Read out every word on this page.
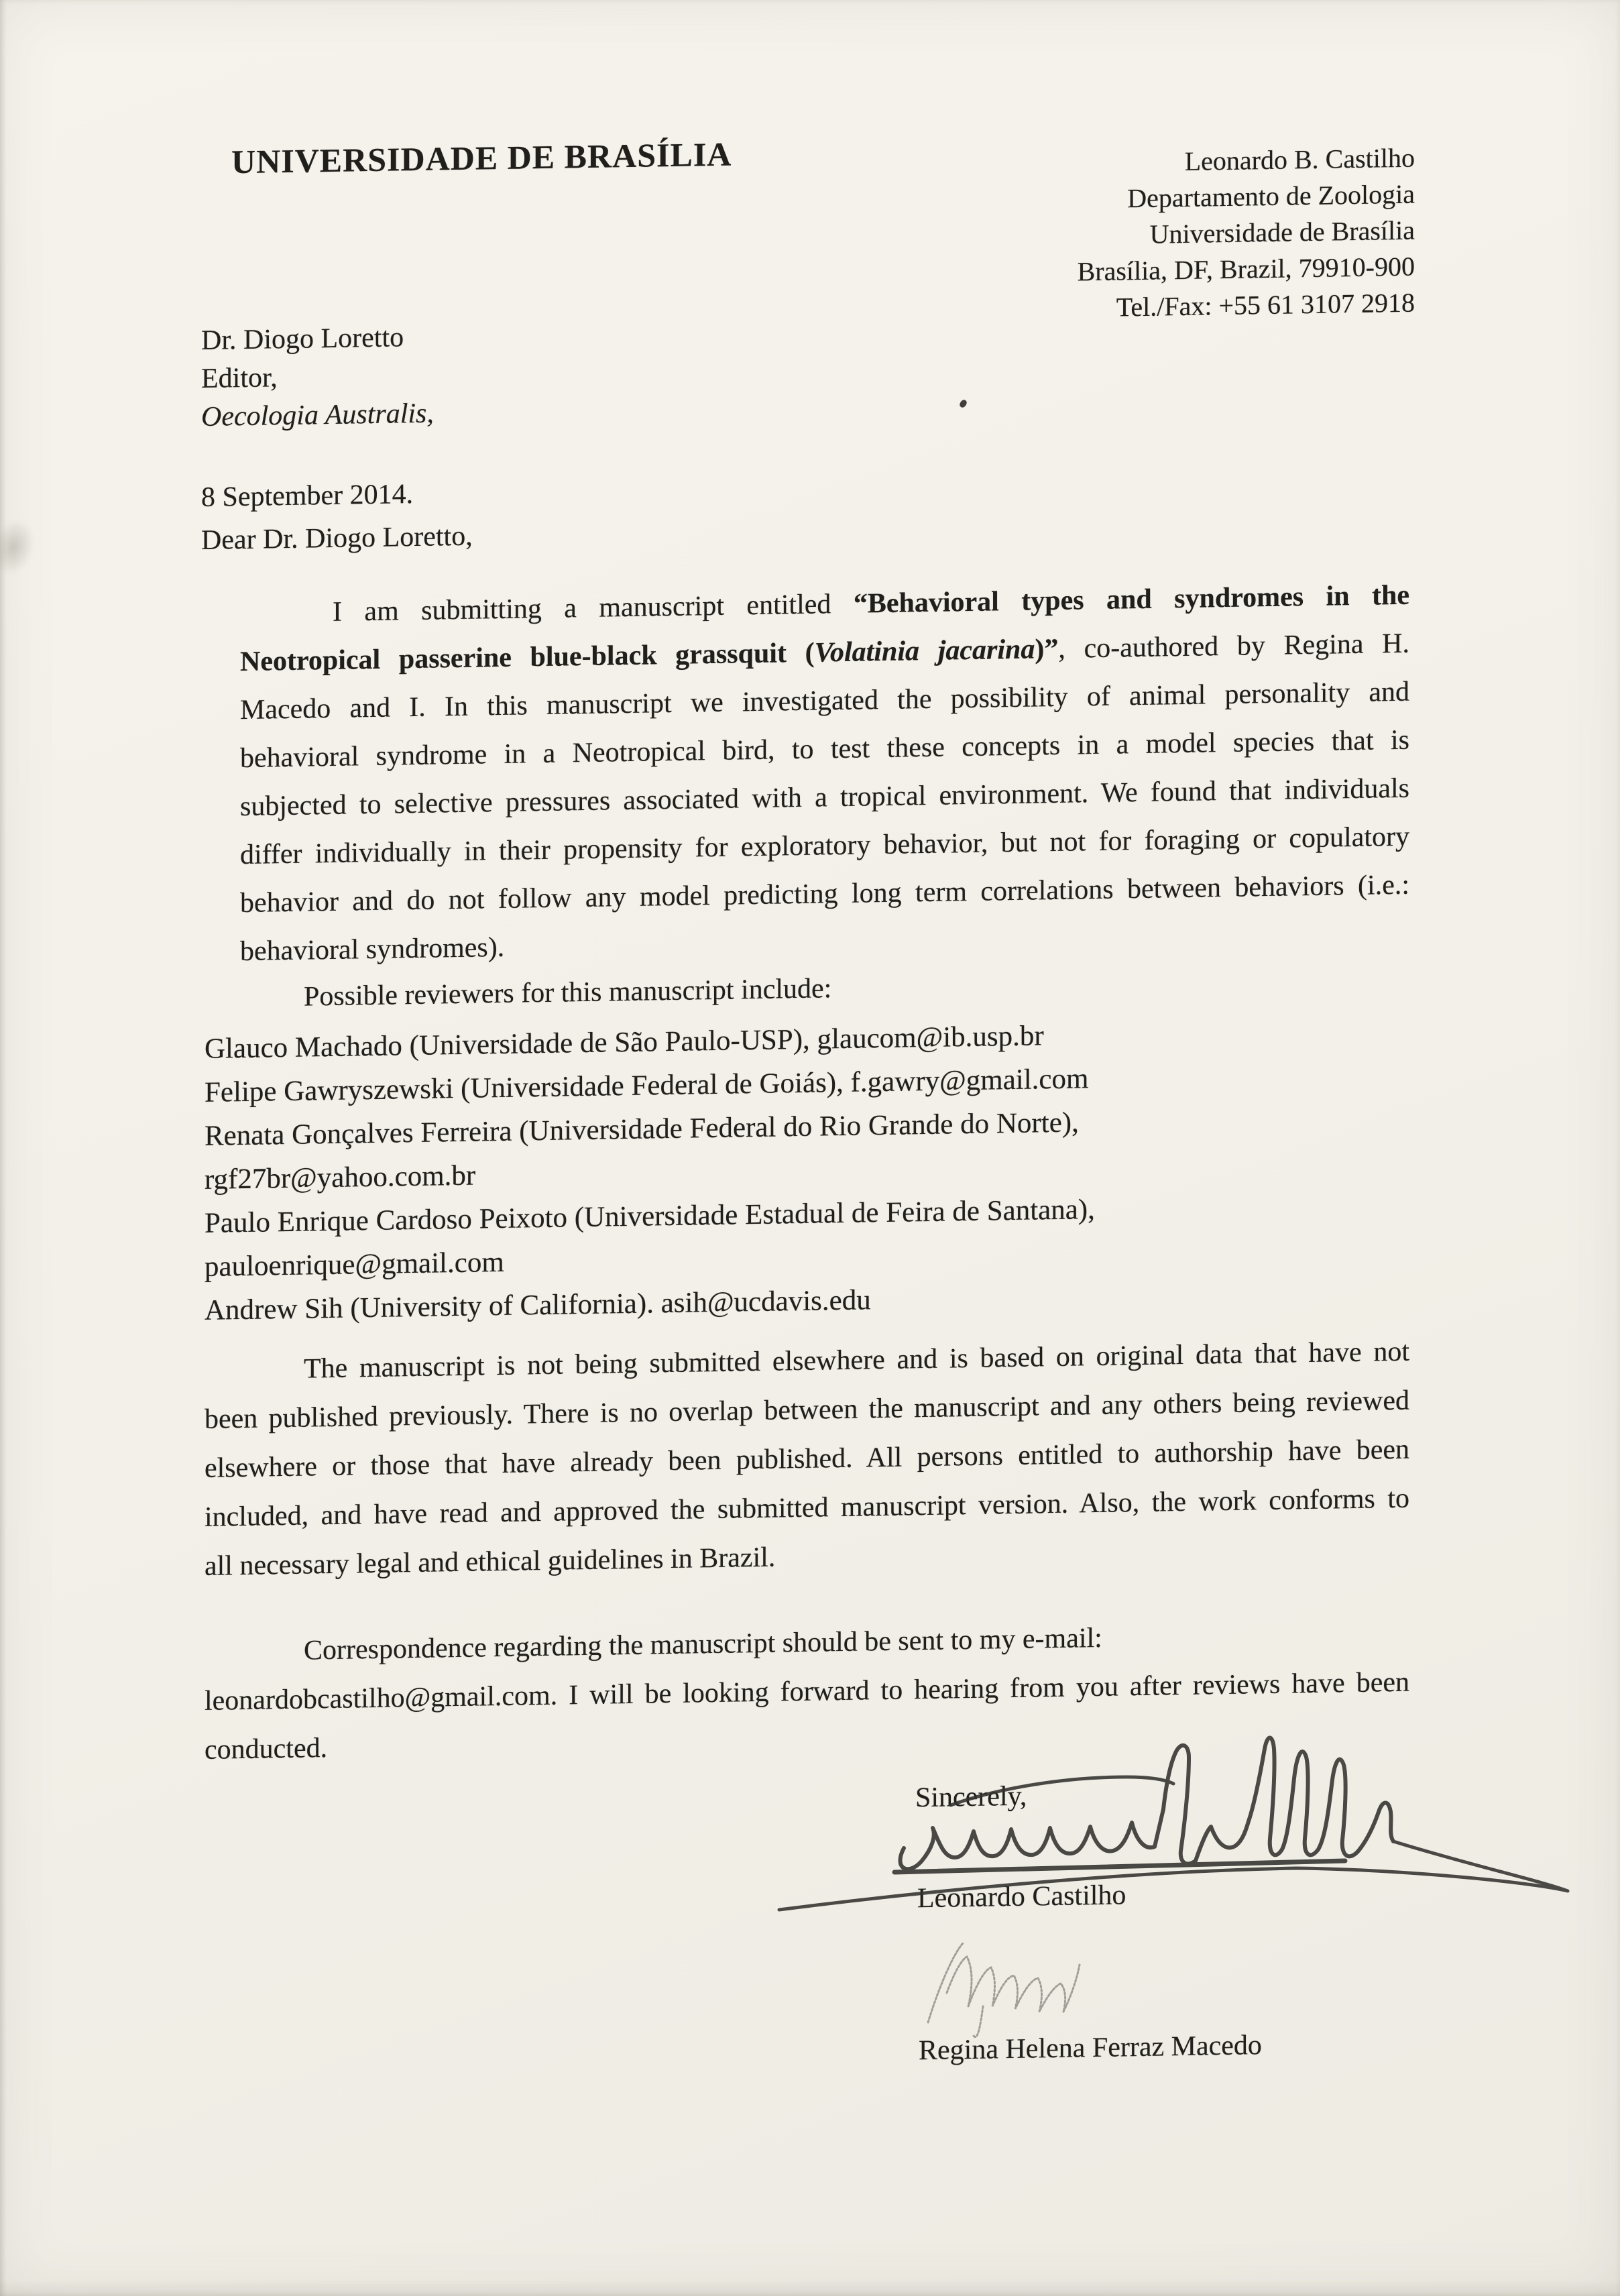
UNIVERSIDADE DE BRASÍLIA	Leonardo B. Castilho
Departamento de Zoologia
Universidade de Brasília
Brasília, DF, Brazil, 79910-900
Tel./Fax: +55 61 3107 2918
Dr. Diogo Loretto
Editor,
Oecologia Australis,
8 September 2014.
Dear Dr. Diogo Loretto,
I am submitting a manuscript entitled “Behavioral types and syndromes in the
Neotropical passerine blue-black grassquit (Volatinia jacarina)”, co-authored by Regina H.
Macedo and I. In this manuscript we investigated the possibility of animal personality and
behavioral syndrome in a Neotropical bird, to test these concepts in a model species that is
subjected to selective pressures associated with a tropical environment. We found that individuals
differ individually in their propensity for exploratory behavior, but not for foraging or copulatory
behavior and do not follow any model predicting long term correlations between behaviors (i.e.:
behavioral syndromes).
Possible reviewers for this manuscript include:
Glauco Machado (Universidade de São Paulo-USP), glaucom@ib.usp.br
Felipe Gawryszewski (Universidade Federal de Goiás), f.gawry@gmail.com
Renata Gonçalves Ferreira (Universidade Federal do Rio Grande do Norte),
rgf27br@yahoo.com.br
Paulo Enrique Cardoso Peixoto (Universidade Estadual de Feira de Santana),
pauloenrique@gmail.com
Andrew Sih (University of California). asih@ucdavis.edu
The manuscript is not being submitted elsewhere and is based on original data that have not
been published previously. There is no overlap between the manuscript and any others being reviewed
elsewhere or those that have already been published. All persons entitled to authorship have been
included, and have read and approved the submitted manuscript version. Also, the work conforms to
all necessary legal and ethical guidelines in Brazil.
Correspondence regarding the manuscript should be sent to my e-mail:
leonardobcastilho@gmail.com. I will be looking forward to hearing from you after reviews have been
conducted.
Sincerely,
Leonardo Castilho
Regina Helena Ferraz Macedo
